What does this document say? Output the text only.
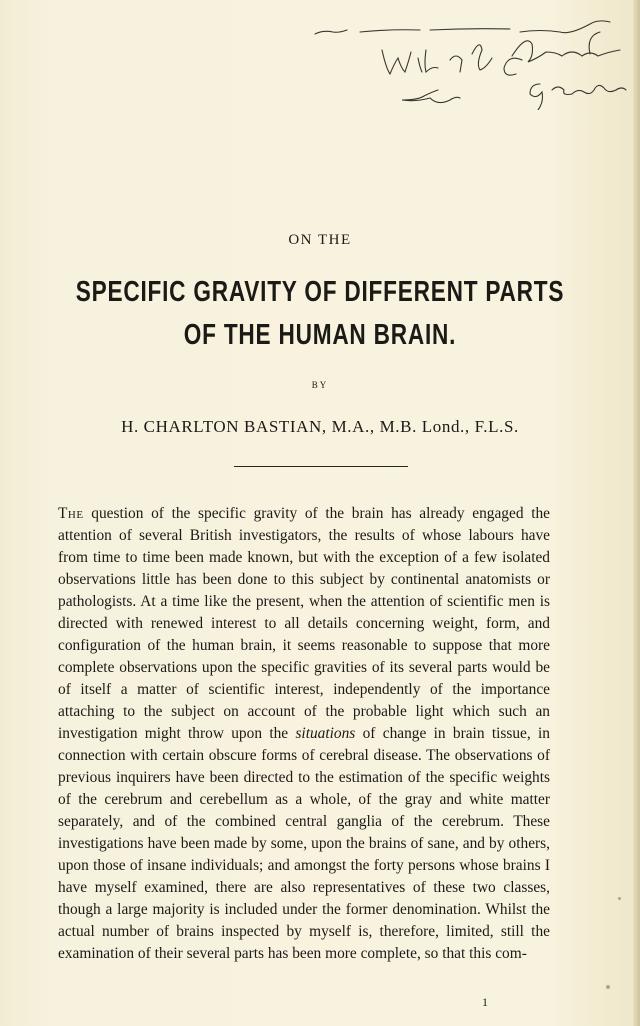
ON THE
SPECIFIC GRAVITY OF DIFFERENT PARTS
OF THE HUMAN BRAIN.
BY
H. CHARLTON BASTIAN, M.A., M.B. Lond., F.L.S.
The question of the specific gravity of the brain has already engaged the attention of several British investigators, the results of whose labours have from time to time been made known, but with the exception of a few isolated observations little has been done to this subject by continental anatomists or pathologists. At a time like the present, when the attention of scientific men is directed with renewed interest to all details concerning weight, form, and configuration of the human brain, it seems reasonable to suppose that more complete observations upon the specific gravities of its several parts would be of itself a matter of scientific interest, independently of the importance attaching to the subject on account of the probable light which such an investigation might throw upon the situations of change in brain tissue, in connection with certain obscure forms of cerebral disease. The observations of previous inquirers have been directed to the estimation of the specific weights of the cerebrum and cerebellum as a whole, of the gray and white matter separately, and of the combined central ganglia of the cerebrum. These investigations have been made by some, upon the brains of sane, and by others, upon those of insane individuals; and amongst the forty persons whose brains I have myself examined, there are also representatives of these two classes, though a large majority is included under the former denomination. Whilst the actual number of brains inspected by myself is, therefore, limited, still the examination of their several parts has been more complete, so that this com-
1
